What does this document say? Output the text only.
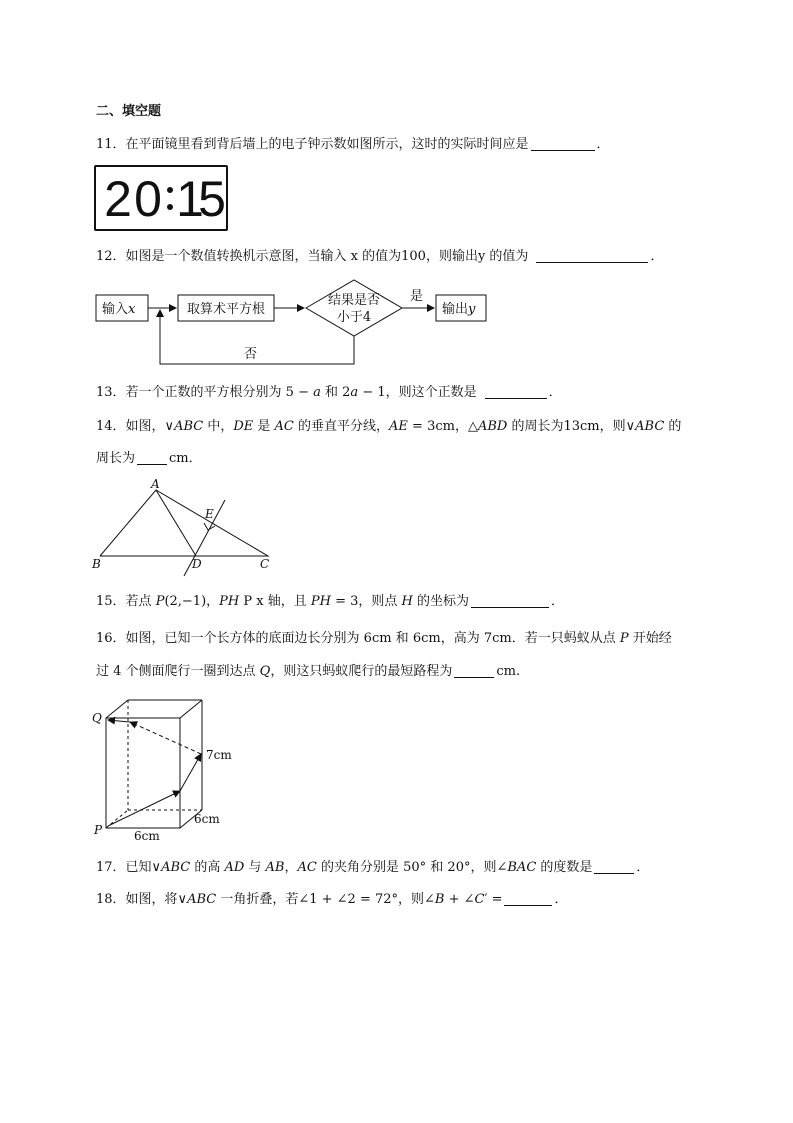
二、填空题
11．在平面镜里看到背后墙上的电子钟示数如图所示，这时的实际时间应是	．
2 0 1
5
12．如图是一个数值转换机示意图，当输入 x 的值为100，则输出y 的值为	．
输入x	取算术平方根
结果是否
小于4
是
输出y
否
13．若一个正数的平方根分别为 5 − a 和 2a − 1，则这个正数是	．
14．如图，∨ABC 中，DE 是 AC 的垂直平分线，AE = 3cm，△ABD 的周长为13cm，则∨ABC 的
周长为	cm．
A
B	C
D
E
15．若点 P(2,−1)，PH P x 轴，且 PH = 3，则点 H 的坐标为	．
16．如图，已知一个长方体的底面边长分别为 6cm 和 6cm，高为 7cm．若一只蚂蚁从点 P 开始经
过 4 个侧面爬行一圈到达点 Q，则这只蚂蚁爬行的最短路程为	cm.
Q
P
7cm
6cm
6cm
17．已知∨ABC 的高 AD 与 AB，AC 的夹角分别是 50° 和 20°，则∠BAC 的度数是	．
18．如图，将∨ABC 一角折叠，若∠1 + ∠2 = 72°，则∠B + ∠C′ =	．
